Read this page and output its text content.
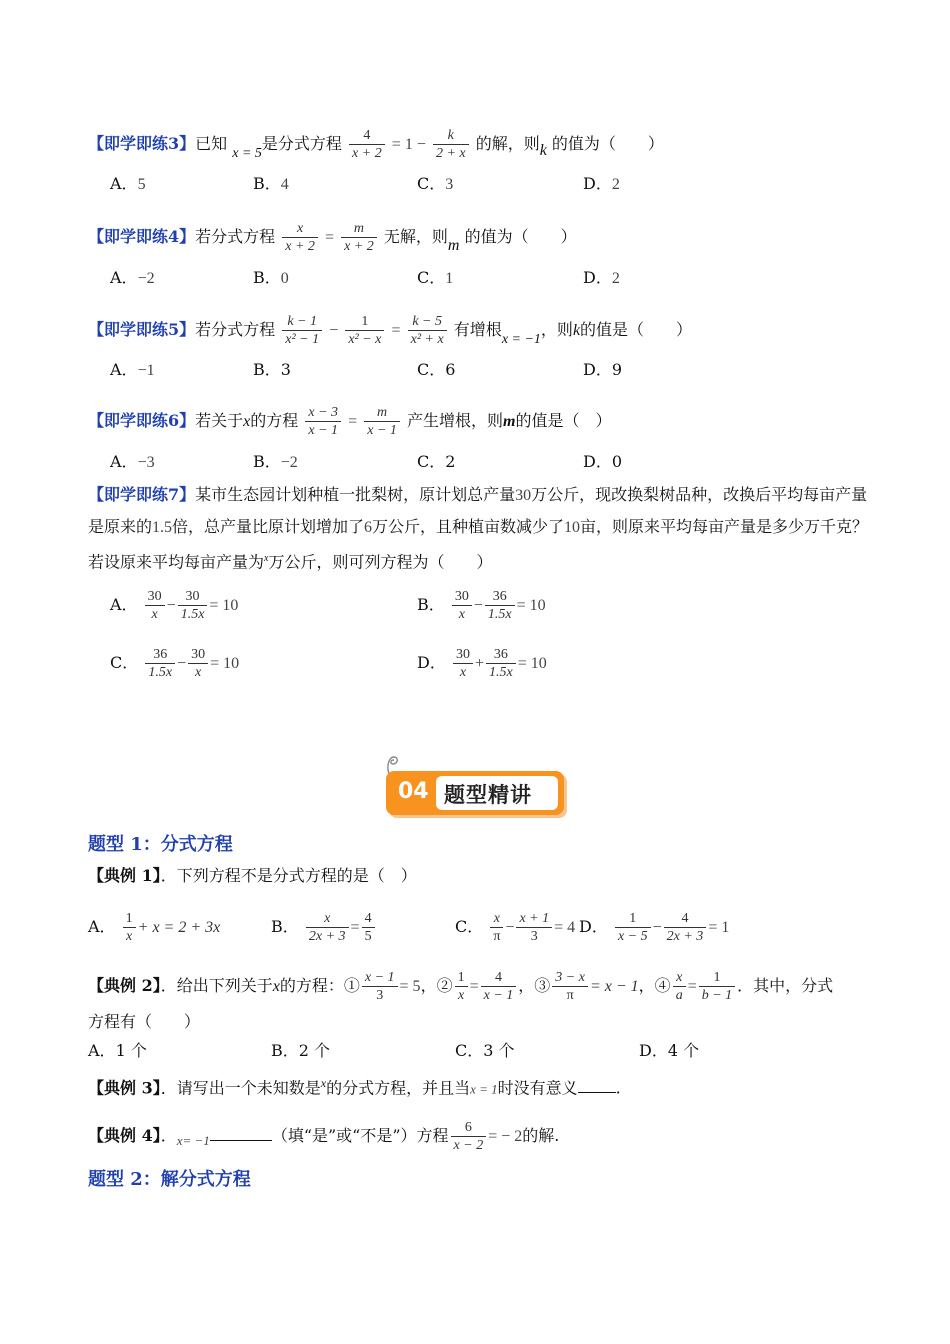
【即学即练3】已知 x = 5是分式方程 $\frac{4}{x + 2} = 1 - \frac{k}{2 + x}$ 的解，则k 的值为（　　）
A．5	B．4	C．3	D．2
【即学即练4】若分式方程 $\frac{x}{x + 2} = \frac{m}{x + 2}$ 无解，则m 的值为（　　）
A．−2	B．0	C．1	D．2
【即学即练5】若分式方程 $\frac{k - 1}{\text{x² − 1}} - \frac{1}{\text{x² − x}} = \frac{k - 5}{\text{x² + x}}$ 有增根x = −1，则k的值是（　　）
A．−1	B．3	C．6	D．9
【即学即练6】若关于x的方程 $\frac{x - 3}{x - 1} = \frac{m}{x - 1}$ 产生增根，则m的值是（　）
A．−3	B．−2	C．2	D．0
【即学即练7】某市生态园计划种植一批梨树，原计划总产量30万公斤，现改换梨树品种，改换后平均每亩产量是原来的1.5倍，总产量比原计划增加了6万公斤，且种植亩数减少了10亩，则原来平均每亩产量是多少万千克？若设原来平均每亩产量为$^x$万公斤，则可列方程为（　　）
A． $\frac{30}{x} - \frac{30}{1.5x} = 10$	B． $\frac{30}{x} - \frac{36}{1.5x} = 10$
C． $\frac{36}{1.5x} - \frac{30}{x} = 10$	D． $\frac{30}{x} + \frac{36}{1.5x} = 10$
04 题型精讲
题型 1：分式方程
【典例 1】．下列方程不是分式方程的是（　）
A． $\frac{1}{x} + x = 2 + 3x$	B． $\frac{x}{2x + 3} = \frac{4}{5}$	C． $\frac{x}{\pi} - \frac{x + 1}{3} = 4$ D． $\frac{1}{x - 5} - \frac{4}{2x + 3} = 1$
【典例 2】．给出下列关于x的方程：① $\frac{x - 1}{3} = 5$，② $\frac{1}{x} = \frac{4}{x - 1}$ ，③ $\frac{3 - x}{\pi} = x - 1$，④ $\frac{x}{a} = \frac{1}{b - 1}$ ．其中，分式
方程有（　　）
A．1 个	B．2 个	C．3 个	D．4 个
【典例 3】．请写出一个未知数是$^x$的分式方程，并且当x = 1时没有意义 .
【典例 4】．$_{x= -1}$	（填“是”或“不是”）方程 $\frac{6}{x - 2}$ = − 2的解.
题型 2：解分式方程
